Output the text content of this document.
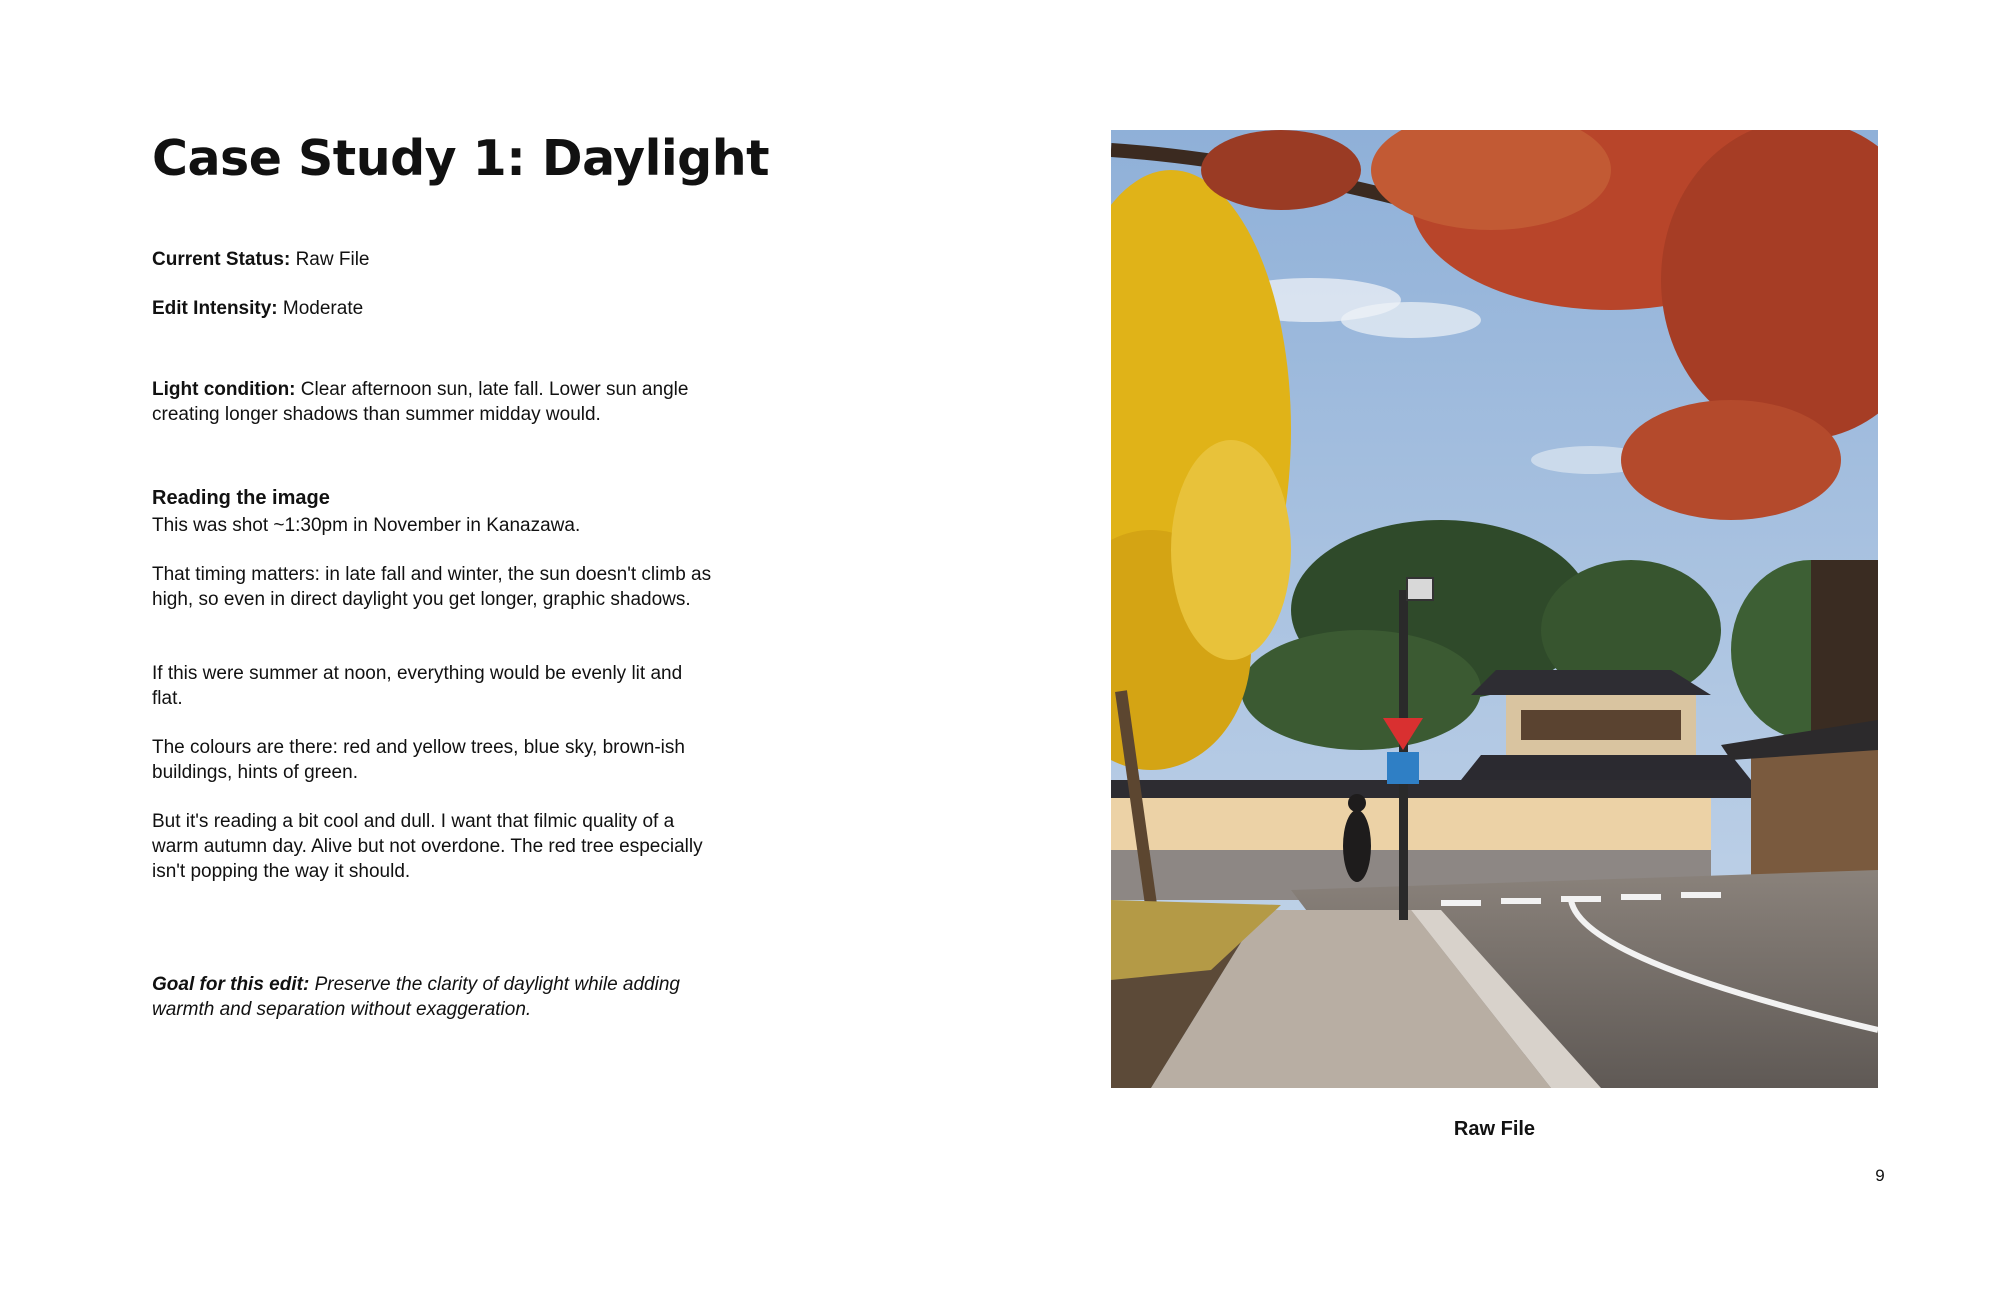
Case Study 1: Daylight

Current Status: Raw File

Edit Intensity: Moderate

Light condition: Clear afternoon sun, late fall. Lower sun angle creating longer shadows than summer midday would.

Reading the image

This was shot ~1:30pm in November in Kanazawa.

That timing matters: in late fall and winter, the sun doesn't climb as high, so even in direct daylight you get longer, graphic shadows.

If this were summer at noon, everything would be evenly lit and flat.

The colours are there: red and yellow trees, blue sky, brown-ish buildings, hints of green.

But it's reading a bit cool and dull. I want that filmic quality of a warm autumn day. Alive but not overdone. The red tree especially isn't popping the way it should.

Goal for this edit: Preserve the clarity of daylight while adding warmth and separation without exaggeration.

Raw File
9
